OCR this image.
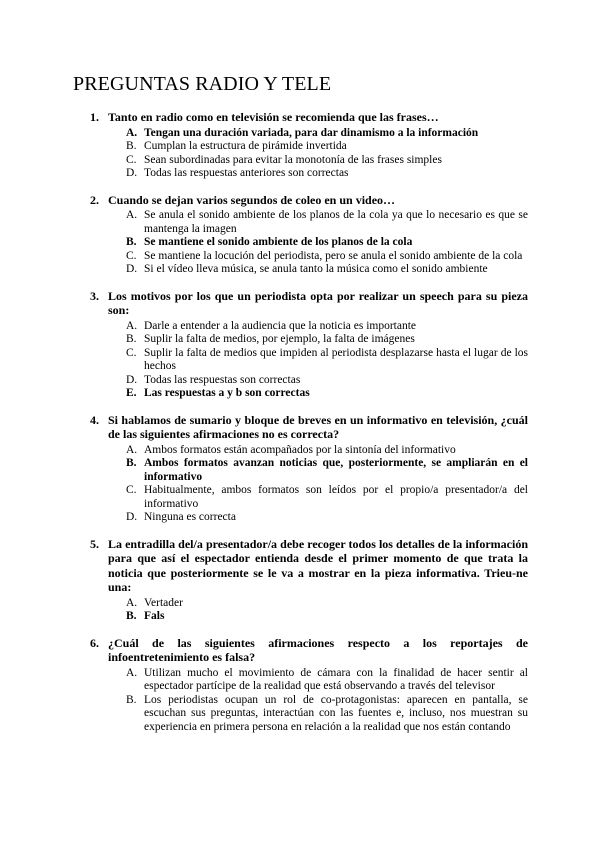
PREGUNTAS RADIO Y TELE
1. Tanto en radio como en televisión se recomienda que las frases…
A. Tengan una duración variada, para dar dinamismo a la información
B. Cumplan la estructura de pirámide invertida
C. Sean subordinadas para evitar la monotonía de las frases simples
D. Todas las respuestas anteriores son correctas
2. Cuando se dejan varios segundos de coleo en un video…
A. Se anula el sonido ambiente de los planos de la cola ya que lo necesario es que se mantenga la imagen
B. Se mantiene el sonido ambiente de los planos de la cola
C. Se mantiene la locución del periodista, pero se anula el sonido ambiente de la cola
D. Si el vídeo lleva música, se anula tanto la música como el sonido ambiente
3. Los motivos por los que un periodista opta por realizar un speech para su pieza son:
A. Darle a entender a la audiencia que la noticia es importante
B. Suplir la falta de medios, por ejemplo, la falta de imágenes
C. Suplir la falta de medios que impiden al periodista desplazarse hasta el lugar de los hechos
D. Todas las respuestas son correctas
E. Las respuestas a y b son correctas
4. Si hablamos de sumario y bloque de breves en un informativo en televisión, ¿cuál de las siguientes afirmaciones no es correcta?
A. Ambos formatos están acompañados por la sintonía del informativo
B. Ambos formatos avanzan noticias que, posteriormente, se ampliarán en el informativo
C. Habitualmente, ambos formatos son leídos por el propio/a presentador/a del informativo
D. Ninguna es correcta
5. La entradilla del/a presentador/a debe recoger todos los detalles de la información para que así el espectador entienda desde el primer momento de que trata la noticia que posteriormente se le va a mostrar en la pieza informativa. Trieu-ne una:
A. Vertader
B. Fals
6. ¿Cuál de las siguientes afirmaciones respecto a los reportajes de infoentretenimiento es falsa?
A. Utilizan mucho el movimiento de cámara con la finalidad de hacer sentir al espectador partícipe de la realidad que está observando a través del televisor
B. Los periodistas ocupan un rol de co-protagonistas: aparecen en pantalla, se escuchan sus preguntas, interactúan con las fuentes e, incluso, nos muestran su experiencia en primera persona en relación a la realidad que nos están contando
